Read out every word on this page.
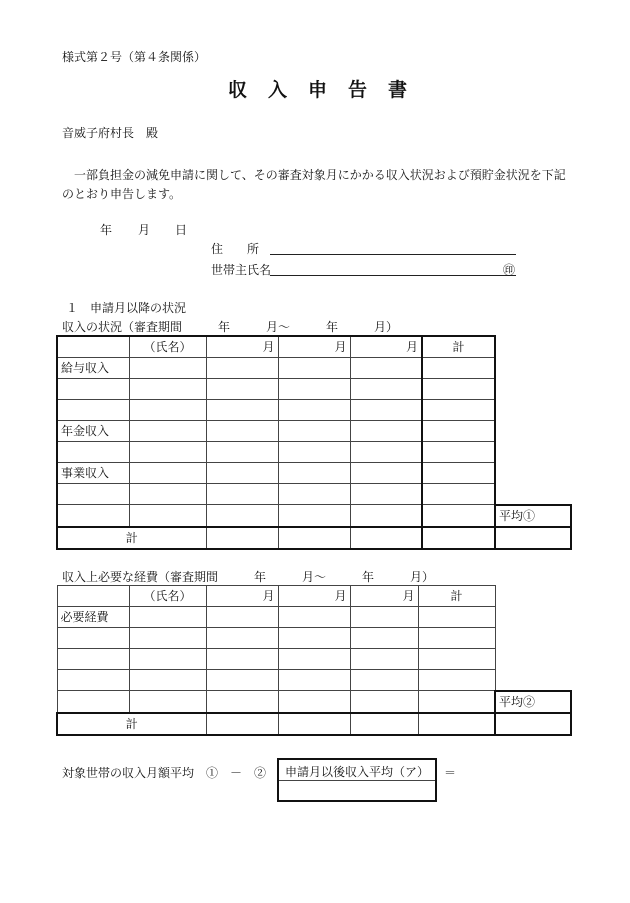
様式第２号（第４条関係）
収入申告書
音威子府村長　殿
一部負担金の減免申請に関して、その審査対象月にかかる収入状況および預貯金状況を下記
のとおり申告します。
年 月 日
住　　所
世帯主氏名	㊞
１　申請月以降の状況
収入の状況（審査期間　　　年　　　月～　　　年　　　月）
	（氏名）	月	月	月	計	
給与収入						

年金収入						

事業収入						

						平均①
計						
収入上必要な経費（審査期間　　　年　　　月～　　　年　　　月）
	（氏名）	月	月	月	計	
必要経費						

						平均②
計						
対象世帯の収入月額平均　①　－　② 申請月以後収入平均（ア） ＝
